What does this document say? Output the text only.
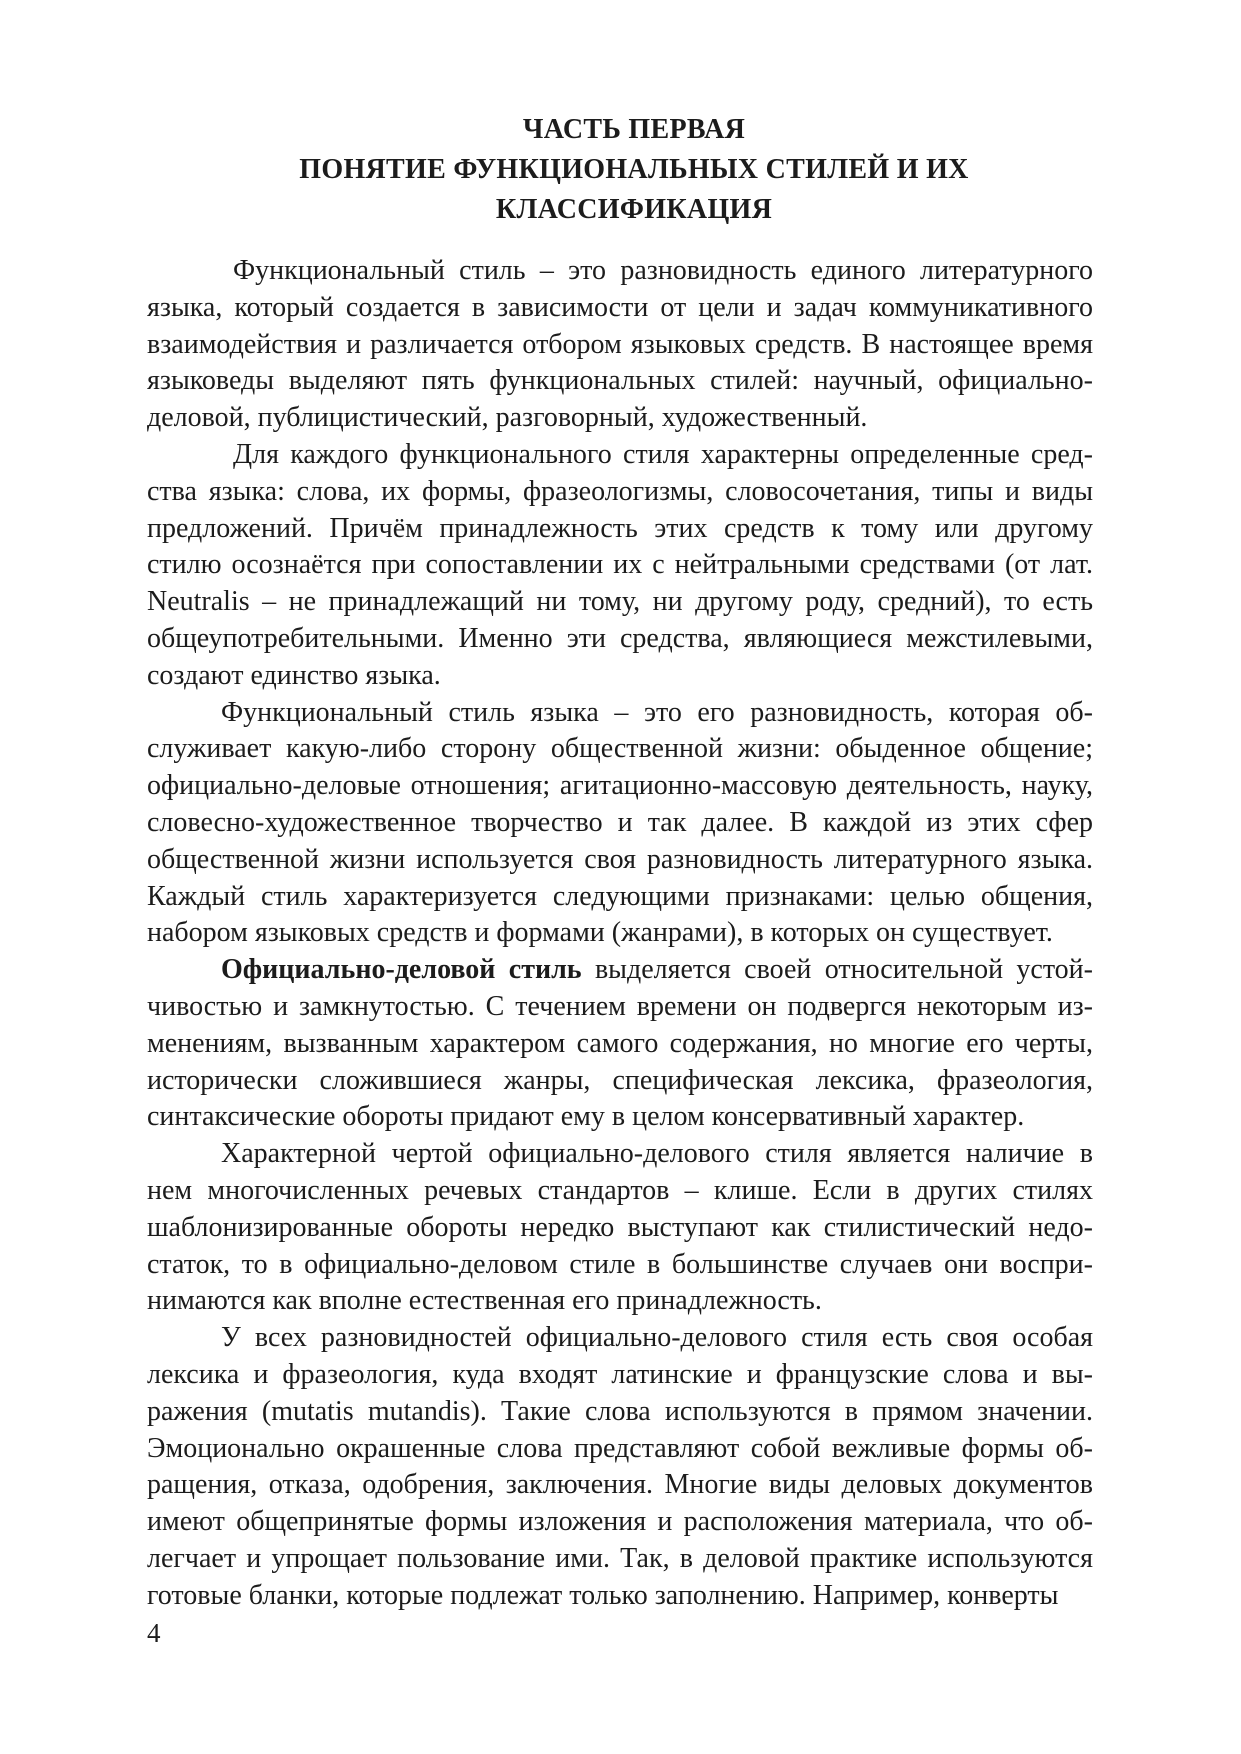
ЧАСТЬ ПЕРВАЯ
ПОНЯТИЕ ФУНКЦИОНАЛЬНЫХ СТИЛЕЙ И ИХ
КЛАССИФИКАЦИЯ

Функциональный стиль – это разновидность единого литературного языка, который создается в зависимости от цели и задач коммуникативного взаимодействия и различается отбором языковых средств. В настоящее время языковеды выделяют пять функциональных стилей: научный, официально-деловой, публицистический, разговорный, художественный.

Для каждого функционального стиля характерны определенные средства языка: слова, их формы, фразеологизмы, словосочетания, типы и виды предложений. Причём принадлежность этих средств к тому или другому стилю осознаётся при сопоставлении их с нейтральными средствами (от лат. Neutralis – не принадлежащий ни тому, ни другому роду, средний), то есть общеупотребительными. Именно эти средства, являющиеся межстилевыми, создают единство языка.

Функциональный стиль языка – это его разновидность, которая обслуживает какую-либо сторону общественной жизни: обыденное общение; официально-деловые отношения; агитационно-массовую деятельность, науку, словесно-художественное творчество и так далее. В каждой из этих сфер общественной жизни используется своя разновидность литературного языка. Каждый стиль характеризуется следующими признаками: целью общения, набором языковых средств и формами (жанрами), в которых он существует.

Официально-деловой стиль выделяется своей относительной устойчивостью и замкнутостью. С течением времени он подвергся некоторым изменениям, вызванным характером самого содержания, но многие его черты, исторически сложившиеся жанры, специфическая лексика, фразеология, синтаксические обороты придают ему в целом консервативный характер.

Характерной чертой официально-делового стиля является наличие в нем многочисленных речевых стандартов – клише. Если в других стилях шаблонизированные обороты нередко выступают как стилистический недостаток, то в официально-деловом стиле в большинстве случаев они воспринимаются как вполне естественная его принадлежность.

У всех разновидностей официально-делового стиля есть своя особая лексика и фразеология, куда входят латинские и французские слова и выражения (mutatis mutandis). Такие слова используются в прямом значении. Эмоционально окрашенные слова представляют собой вежливые формы обращения, отказа, одобрения, заключения. Многие виды деловых документов имеют общепринятые формы изложения и расположения материала, что облегчает и упрощает пользование ими. Так, в деловой практике используются готовые бланки, которые подлежат только заполнению. Например, конверты

4
